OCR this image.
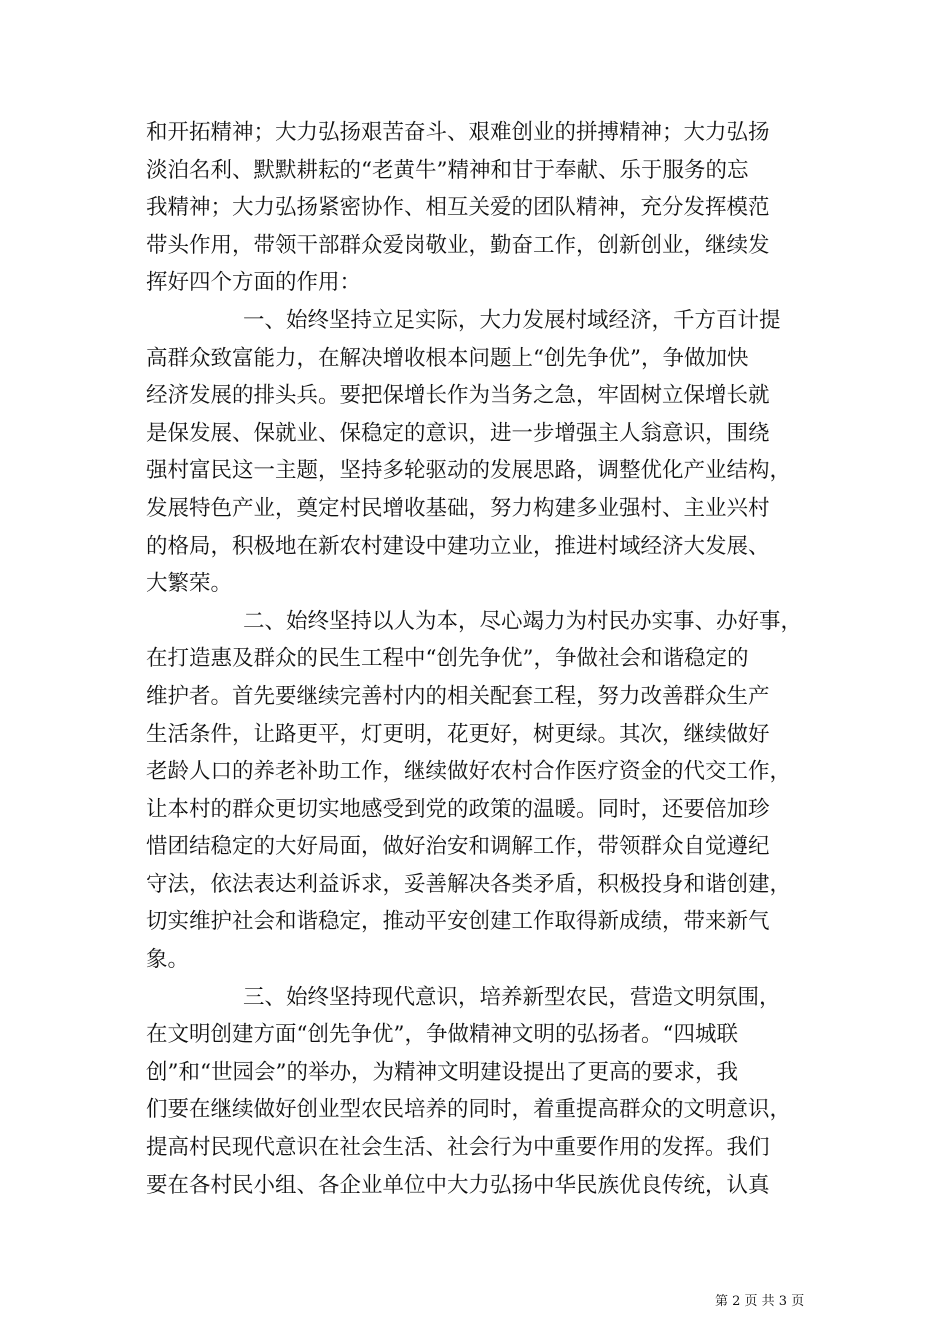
和开拓精神；大力弘扬艰苦奋斗、艰难创业的拼搏精神；大力弘扬
淡泊名利、默默耕耘的“老黄牛”精神和甘于奉献、乐于服务的忘
我精神；大力弘扬紧密协作、相互关爱的团队精神，充分发挥模范
带头作用，带领干部群众爱岗敬业，勤奋工作，创新创业，继续发
挥好四个方面的作用：
一、始终坚持立足实际，大力发展村域经济，千方百计提
高群众致富能力，在解决增收根本问题上“创先争优”，争做加快
经济发展的排头兵。要把保增长作为当务之急，牢固树立保增长就
是保发展、保就业、保稳定的意识，进一步增强主人翁意识，围绕
强村富民这一主题，坚持多轮驱动的发展思路，调整优化产业结构，
发展特色产业，奠定村民增收基础，努力构建多业强村、主业兴村
的格局，积极地在新农村建设中建功立业，推进村域经济大发展、
大繁荣。
二、始终坚持以人为本，尽心竭力为村民办实事、办好事，
在打造惠及群众的民生工程中“创先争优”，争做社会和谐稳定的
维护者。首先要继续完善村内的相关配套工程，努力改善群众生产
生活条件，让路更平，灯更明，花更好，树更绿。其次，继续做好
老龄人口的养老补助工作，继续做好农村合作医疗资金的代交工作，
让本村的群众更切实地感受到党的政策的温暖。同时，还要倍加珍
惜团结稳定的大好局面，做好治安和调解工作，带领群众自觉遵纪
守法，依法表达利益诉求，妥善解决各类矛盾，积极投身和谐创建，
切实维护社会和谐稳定，推动平安创建工作取得新成绩，带来新气
象。
三、始终坚持现代意识，培养新型农民，营造文明氛围，
在文明创建方面“创先争优”，争做精神文明的弘扬者。“四城联
创”和“世园会”的举办，为精神文明建设提出了更高的要求，我
们要在继续做好创业型农民培养的同时，着重提高群众的文明意识，
提高村民现代意识在社会生活、社会行为中重要作用的发挥。我们
要在各村民小组、各企业单位中大力弘扬中华民族优良传统，认真
第 2 页 共 3 页
